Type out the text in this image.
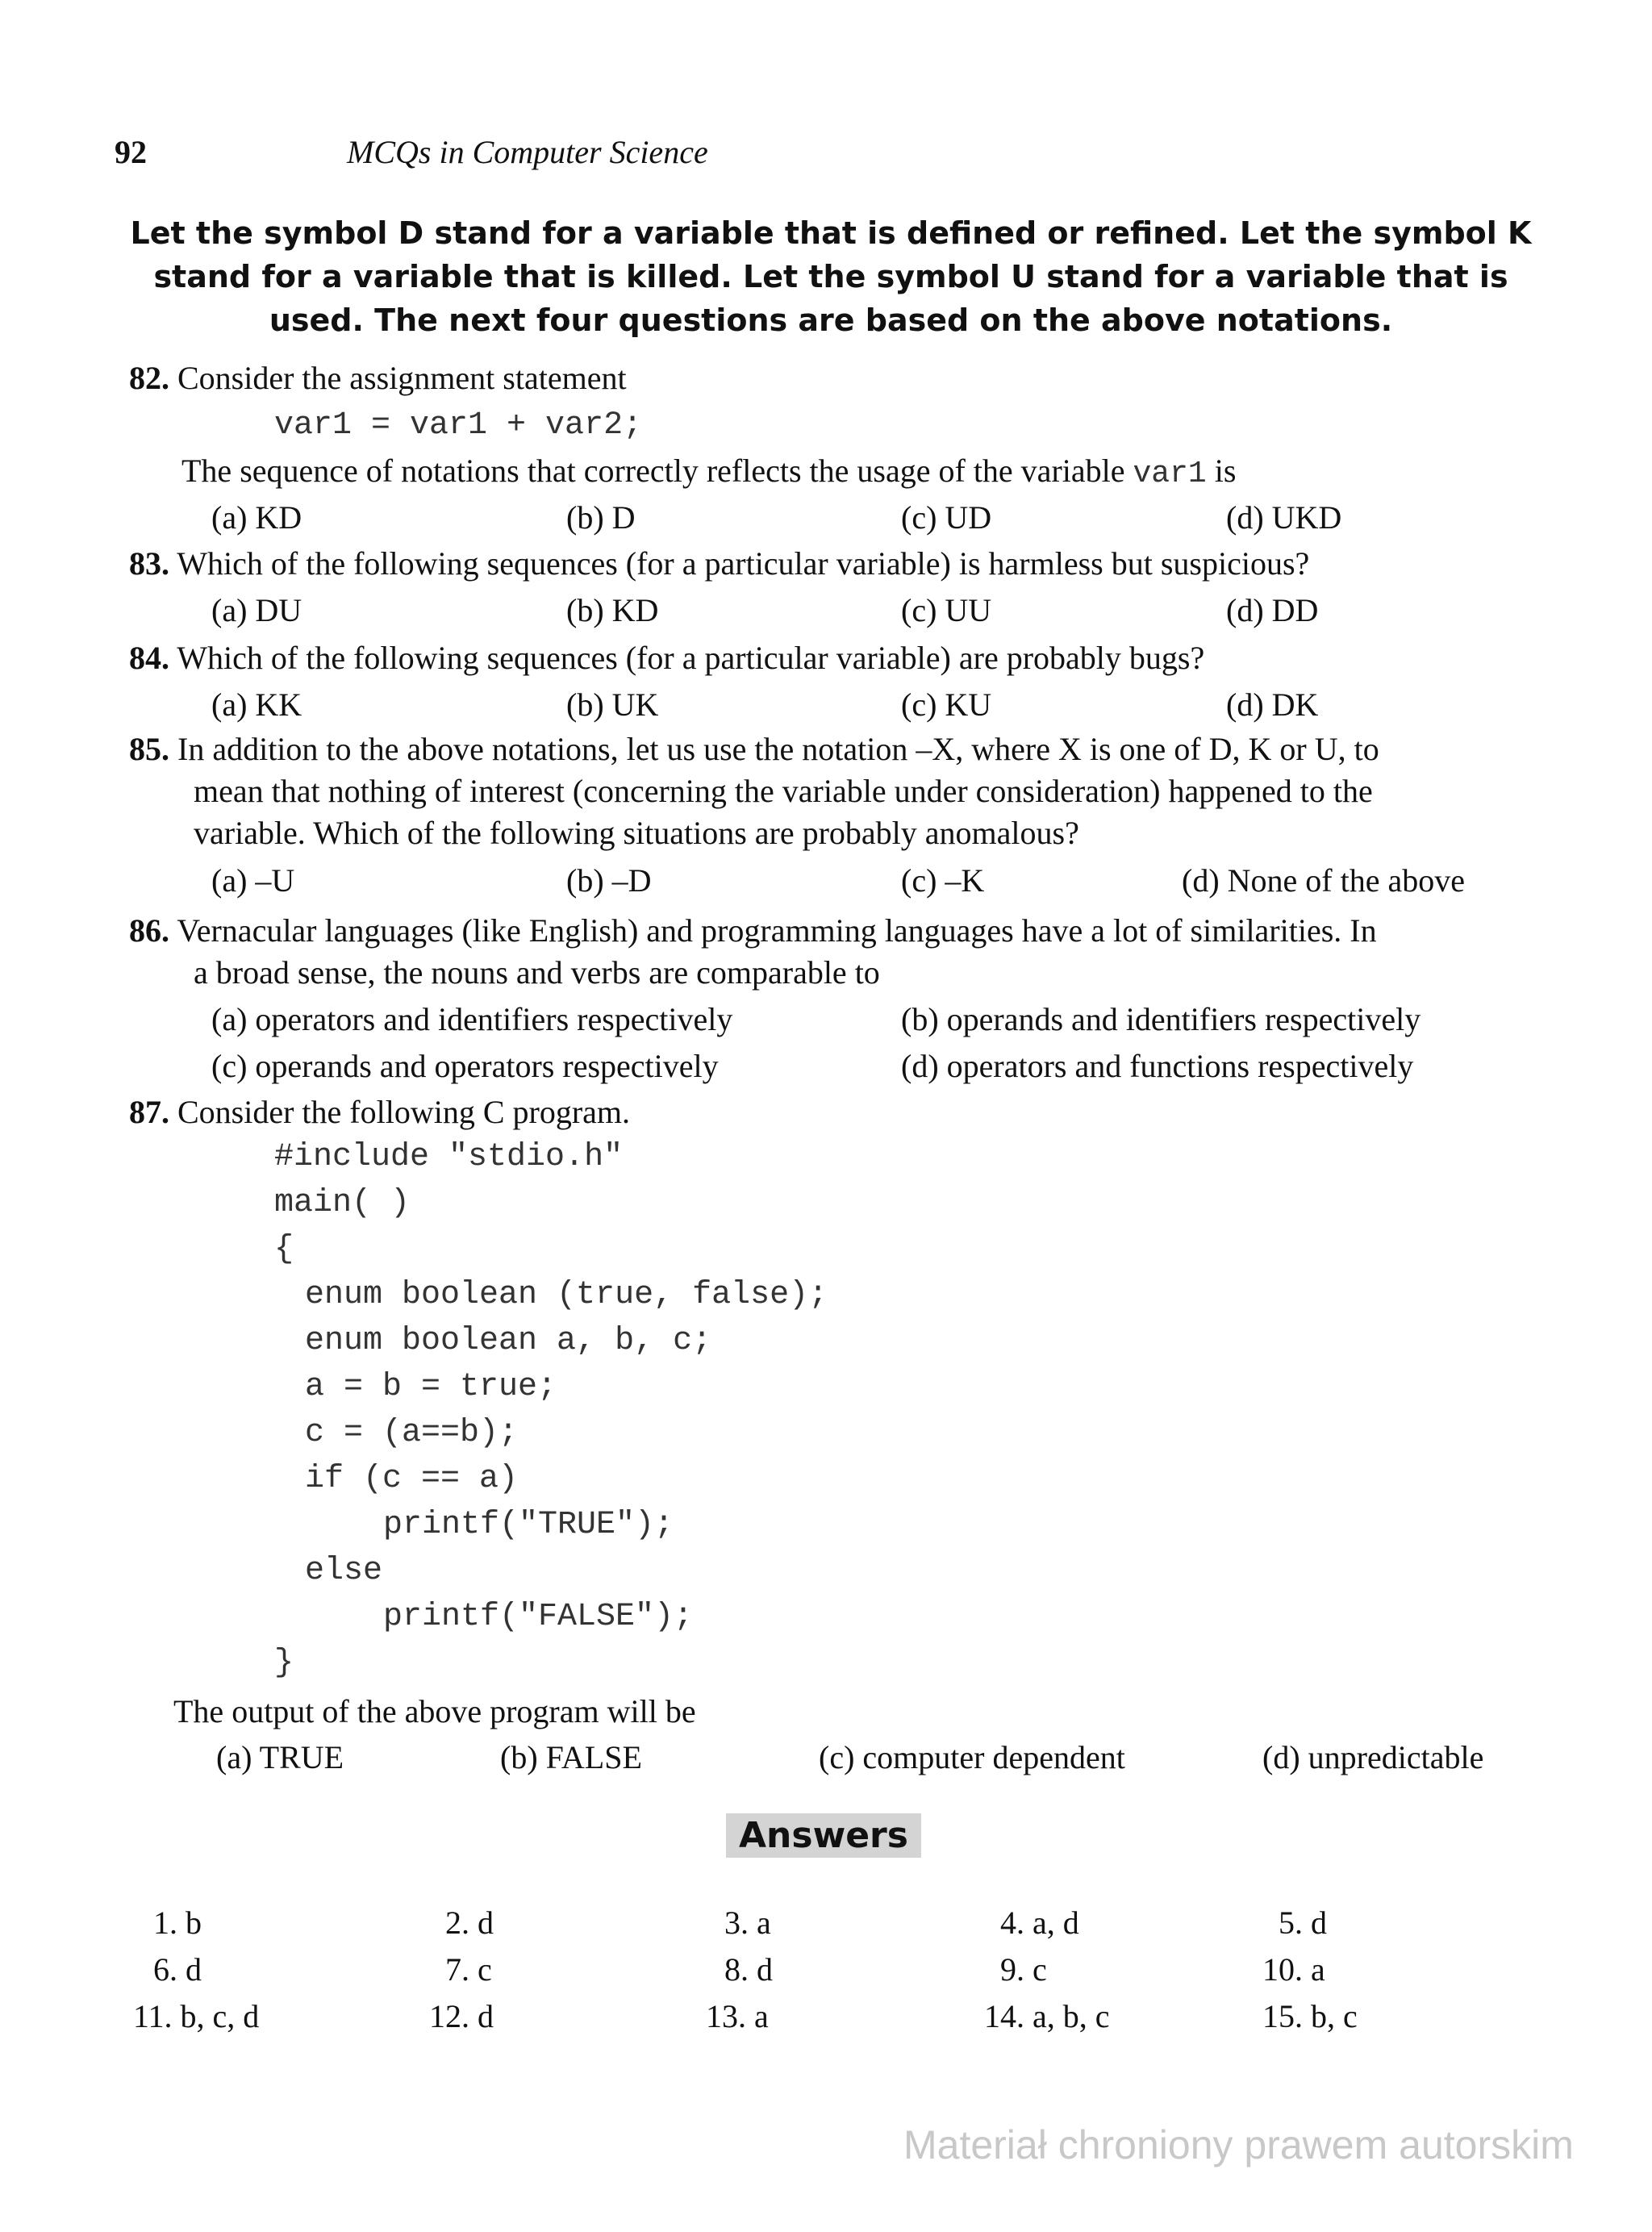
92	MCQs in Computer Science
Let the symbol D stand for a variable that is defined or refined. Let the symbol K stand for a variable that is killed. Let the symbol U stand for a variable that is used. The next four questions are based on the above notations.
82. Consider the assignment statement
var1 = var1 + var2;
The sequence of notations that correctly reflects the usage of the variable var1 is
(a) KD	(b) D	(c) UD	(d) UKD
83. Which of the following sequences (for a particular variable) is harmless but suspicious?
(a) DU	(b) KD	(c) UU	(d) DD
84. Which of the following sequences (for a particular variable) are probably bugs?
(a) KK	(b) UK	(c) KU	(d) DK
85. In addition to the above notations, let us use the notation –X, where X is one of D, K or U, to
mean that nothing of interest (concerning the variable under consideration) happened to the
variable. Which of the following situations are probably anomalous?
(a) –U	(b) –D	(c) –K	(d) None of the above
86. Vernacular languages (like English) and programming languages have a lot of similarities. In
a broad sense, the nouns and verbs are comparable to
(a) operators and identifiers respectively	(b) operands and identifiers respectively
(c) operands and operators respectively	(d) operators and functions respectively
87. Consider the following C program.
#include "stdio.h"
main( )
{
enum boolean (true, false);
enum boolean a, b, c;
a = b = true;
c = (a==b);
if (c == a)
printf("TRUE");
else
printf("FALSE");
}
The output of the above program will be
(a) TRUE	(b) FALSE	(c) computer dependent	(d) unpredictable
Answers
1. b	2. d	3. a	4. a, d	5. d
6. d	7. c	8. d	9. c	10. a
11. b, c, d	12. d	13. a	14. a, b, c	15. b, c
Materiał chroniony prawem autorskim
